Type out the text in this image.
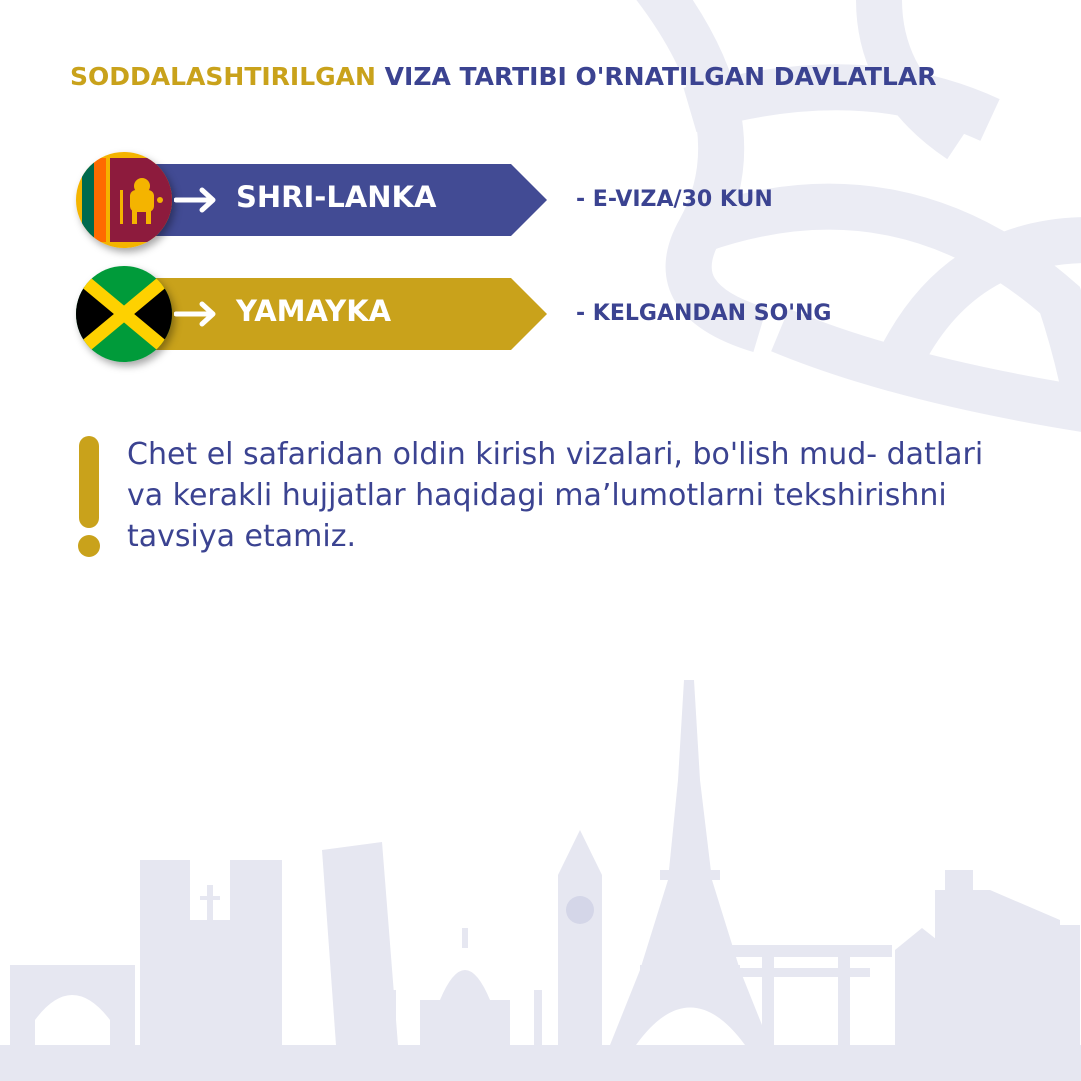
SODDALASHTIRILGAN VIZA TARTIBI O'RNATILGAN DAVLATLAR
SHRI-LANKA	- E-VIZA/30 KUN
YAMAYKA	- KELGANDAN SO'NG

Chet el safaridan oldin kirish vizalari, bo'lish mud- datlari va kerakli hujjatlar haqidagi ma’lumotlarni tekshirishni tavsiya etamiz.
